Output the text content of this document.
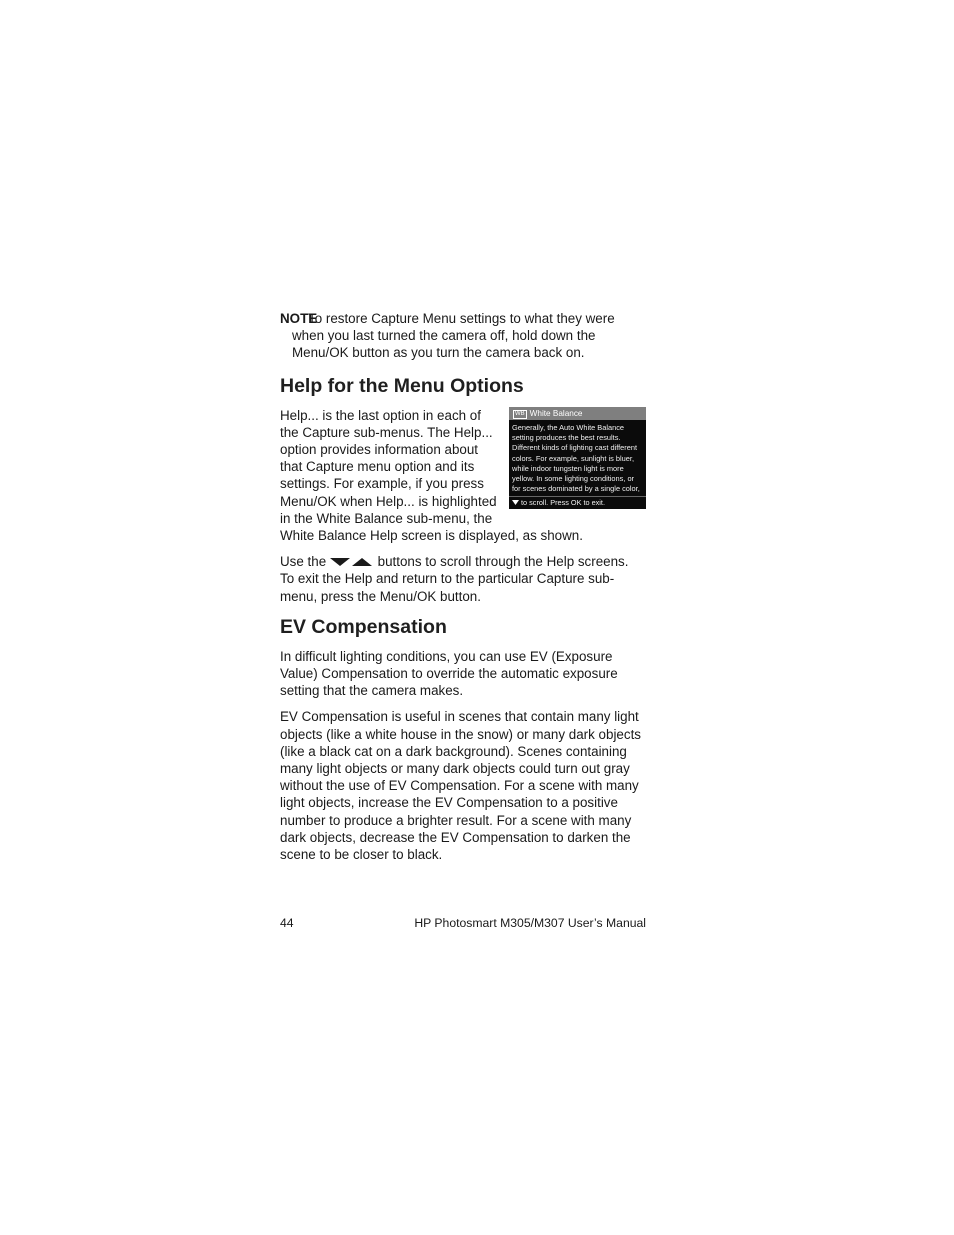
NOTE

To restore Capture Menu settings to what they were when you last turned the camera off, hold down the Menu/OK button as you turn the camera back on.

Help for the Menu Options
WB White Balance
Generally, the Auto White Balance setting produces the best results. Different kinds of lighting cast different colors. For example, sunlight is bluer, while indoor tungsten light is more yellow. In some lighting conditions, or for scenes dominated by a single color,
to scroll. Press OK to exit.

Help... is the last option in each of the Capture sub-menus. The Help... option provides information about that Capture menu option and its settings. For example, if you press Menu/OK when Help... is highlighted in the White Balance sub-menu, the White Balance Help screen is displayed, as shown.

Use the	buttons to scroll through the Help screens. To exit the Help and return to the particular Capture sub-menu, press the Menu/OK button.

EV Compensation

In difficult lighting conditions, you can use EV (Exposure Value) Compensation to override the automatic exposure setting that the camera makes.

EV Compensation is useful in scenes that contain many light objects (like a white house in the snow) or many dark objects (like a black cat on a dark background). Scenes containing many light objects or many dark objects could turn out gray without the use of EV Compensation. For a scene with many light objects, increase the EV Compensation to a positive number to produce a brighter result. For a scene with many dark objects, decrease the EV Compensation to darken the scene to be closer to black.

44	HP Photosmart M305/M307 User’s Manual
